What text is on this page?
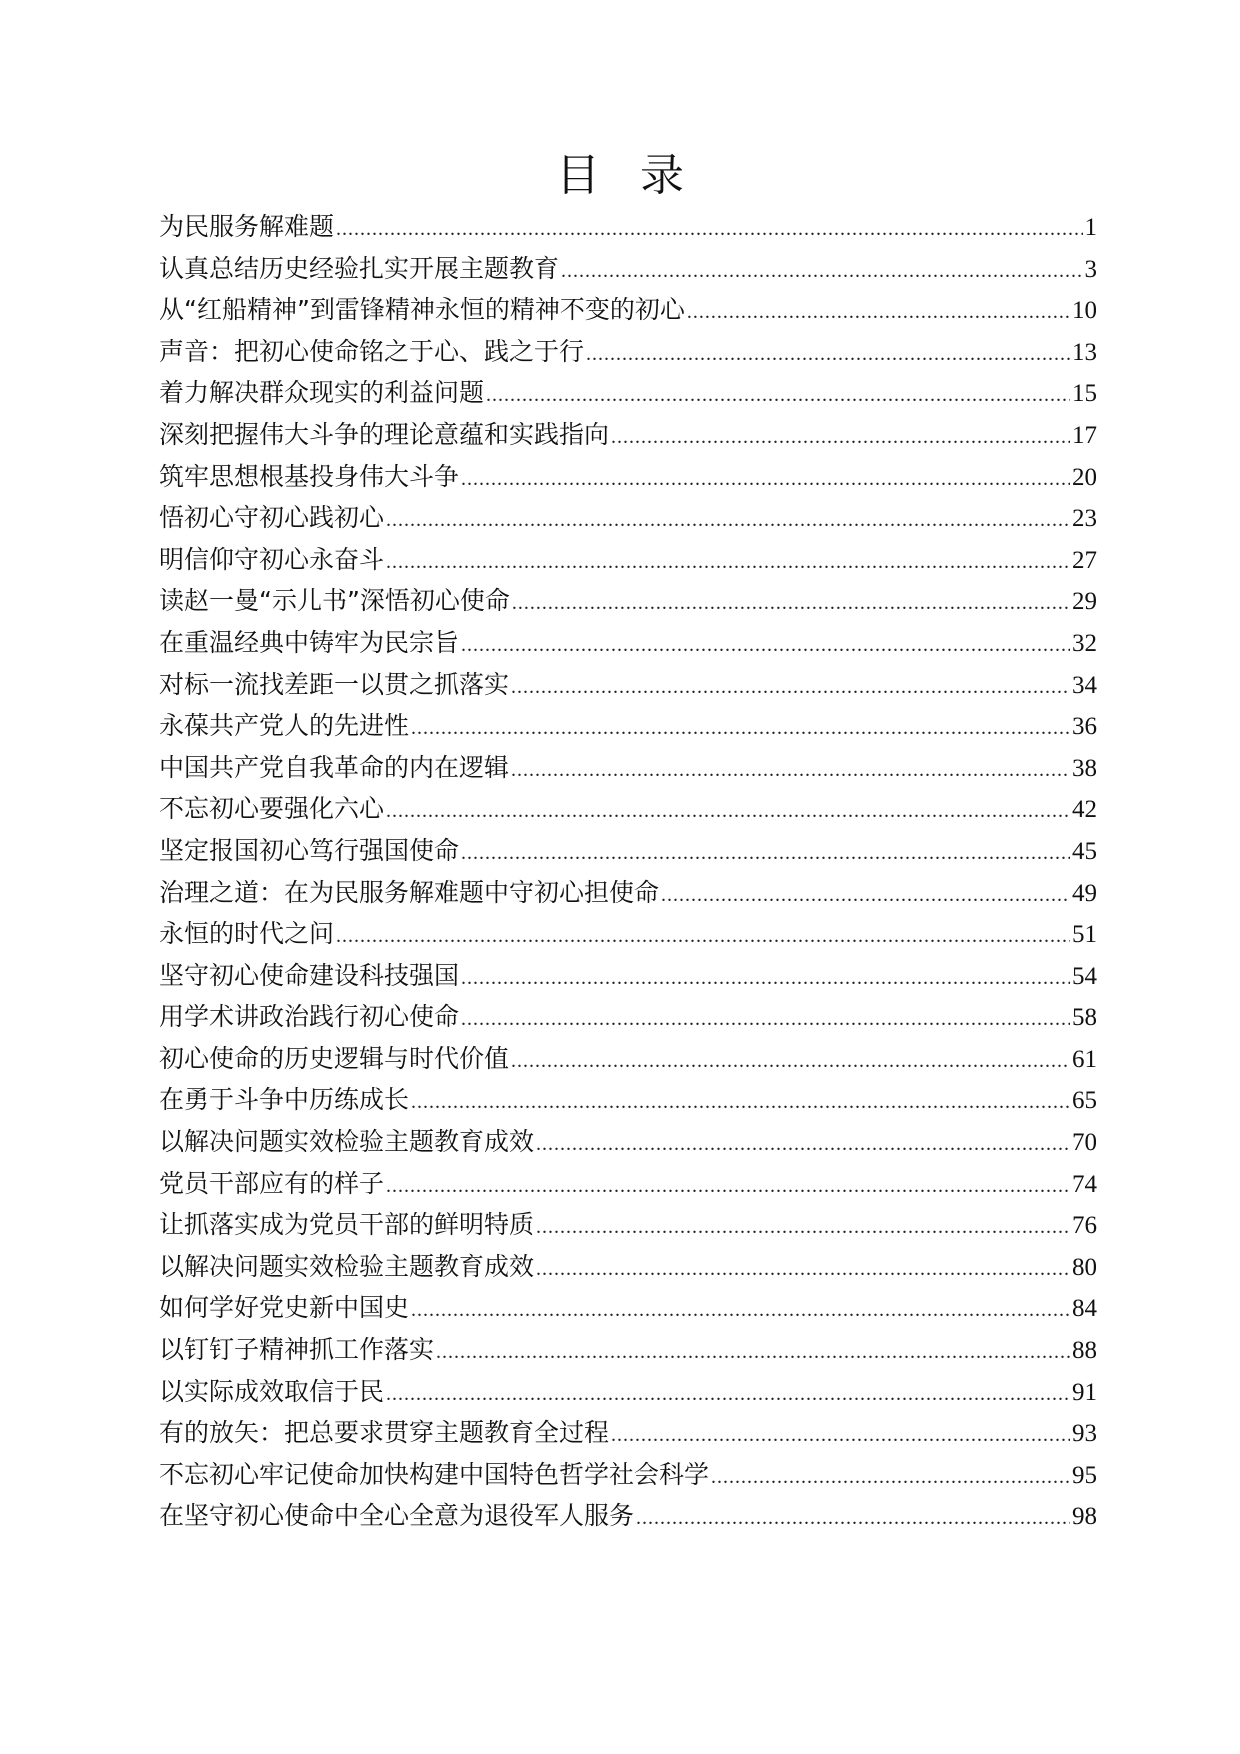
目 录
为民服务解难题 .....	1
认真总结历史经验扎实开展主题教育 .....	3
从“红船精神”到雷锋精神永恒的精神不变的初心 .....	10
声音：把初心使命铭之于心、践之于行 .....	13
着力解决群众现实的利益问题 .....	15
深刻把握伟大斗争的理论意蕴和实践指向 .....	17
筑牢思想根基投身伟大斗争 .....	20
悟初心守初心践初心 .....	23
明信仰守初心永奋斗 .....	27
读赵一曼“示儿书”深悟初心使命 .....	29
在重温经典中铸牢为民宗旨 .....	32
对标一流找差距一以贯之抓落实 .....	34
永葆共产党人的先进性 .....	36
中国共产党自我革命的内在逻辑 .....	38
不忘初心要强化六心 .....	42
坚定报国初心笃行强国使命 .....	45
治理之道：在为民服务解难题中守初心担使命 .....	49
永恒的时代之问 .....	51
坚守初心使命建设科技强国 .....	54
用学术讲政治践行初心使命 .....	58
初心使命的历史逻辑与时代价值 .....	61
在勇于斗争中历练成长 .....	65
以解决问题实效检验主题教育成效 .....	70
党员干部应有的样子 .....	74
让抓落实成为党员干部的鲜明特质 .....	76
以解决问题实效检验主题教育成效 .....	80
如何学好党史新中国史 .....	84
以钉钉子精神抓工作落实 .....	88
以实际成效取信于民 .....	91
有的放矢：把总要求贯穿主题教育全过程 .....	93
不忘初心牢记使命加快构建中国特色哲学社会科学 .....	95
在坚守初心使命中全心全意为退役军人服务 .....	98
